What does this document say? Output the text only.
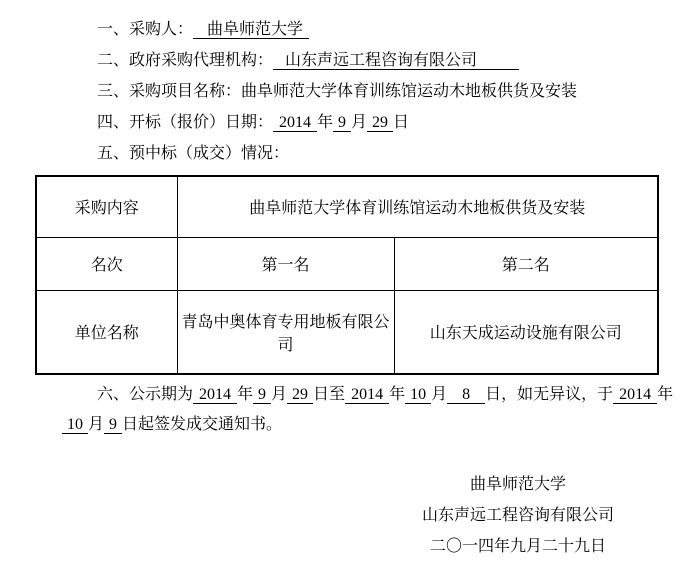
一、采购人： 曲阜师范大学

二、政府采购代理机构： 山东声远工程咨询有限公司

三、采购项目名称：曲阜师范大学体育训练馆运动木地板供货及安装

四、开标（报价）日期： 2014 年 9 月 29 日

五、预中标（成交）情况：

采购内容	曲阜师范大学体育训练馆运动木地板供货及安装	
名次	第一名	第二名
单位名称	青岛中奥体育专用地板有限公司	山东天成运动设施有限公司
六、公示期为 2014 年 9 月 29 日至 2014 年 10 月 8 日，如无异议，于 2014 年
10 月 9 日起签发成交通知书。
曲阜师范大学
山东声远工程咨询有限公司
二〇一四年九月二十九日
